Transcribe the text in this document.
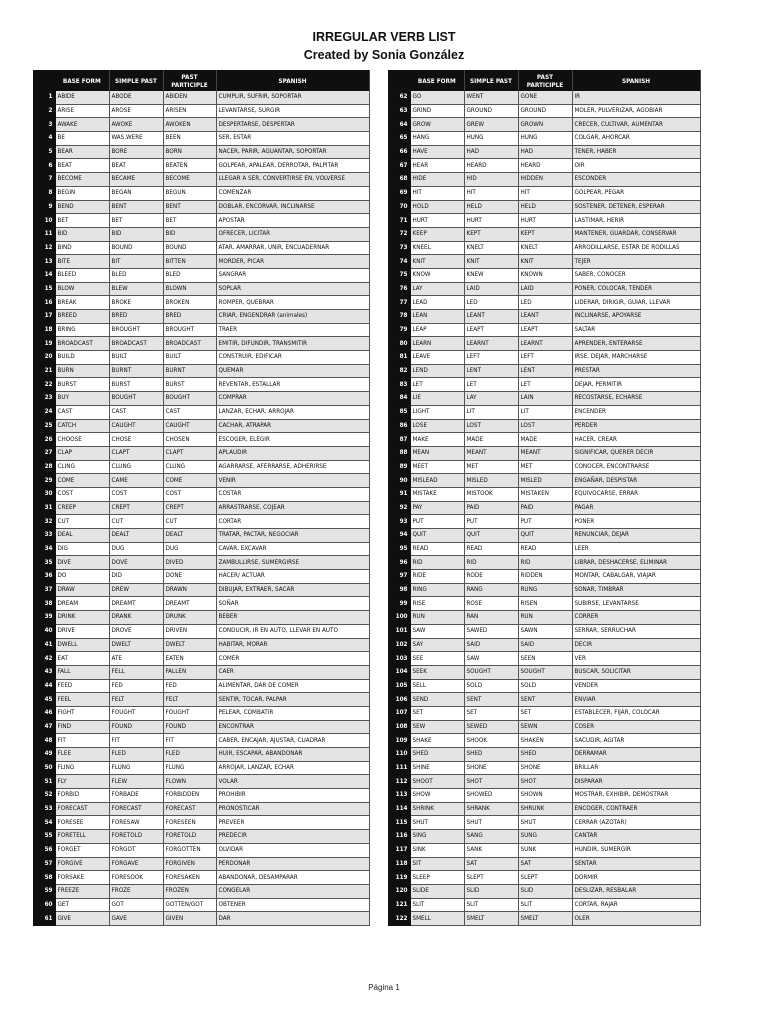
IRREGULAR VERB LIST
Created by Sonia González
	BASE FORM	SIMPLE PAST	PAST
PARTICIPLE	SPANISH
1	ABIDE	ABODE	ABIDEN	CUMPLIR, SUFRIR, SOPORTAR
2	ARISE	AROSE	ARISEN	LEVANTARSE, SURGIR
3	AWAKE	AWOKE	AWOKEN	DESPERTARSE, DESPERTAR
4	BE	WAS,WERE	BEEN	SER, ESTAR
5	BEAR	BORE	BORN	NACER, PARIR, AGUANTAR, SOPORTAR
6	BEAT	BEAT	BEATEN	GOLPEAR, APALEAR, DERROTAR, PALPITAR
7	BECOME	BECAME	BECOME	LLEGAR A SER, CONVERTIRSE EN, VOLVERSE
8	BEGIN	BEGAN	BEGUN	COMENZAR
9	BEND	BENT	BENT	DOBLAR, ENCORVAR, INCLINARSE
10	BET	BET	BET	APOSTAR
11	BID	BID	BID	OFRECER, LICITAR
12	BIND	BOUND	BOUND	ATAR, AMARRAR, UNIR, ENCUADERNAR
13	BITE	BIT	BITTEN	MORDER, PICAR
14	BLEED	BLED	BLED	SANGRAR
15	BLOW	BLEW	BLOWN	SOPLAR
16	BREAK	BROKE	BROKEN	ROMPER, QUEBRAR
17	BREED	BRED	BRED	CRIAR, ENGENDRAR (animales)
18	BRING	BROUGHT	BROUGHT	TRAER
19	BROADCAST	BROADCAST	BROADCAST	EMITIR, DIFUNDIR, TRANSMITIR
20	BUILD	BUILT	BUILT	CONSTRUIR, EDIFICAR
21	BURN	BURNT	BURNT	QUEMAR
22	BURST	BURST	BURST	REVENTAR, ESTALLAR
23	BUY	BOUGHT	BOUGHT	COMPRAR
24	CAST	CAST	CAST	LANZAR, ECHAR, ARROJAR
25	CATCH	CAUGHT	CAUGHT	CACHAR, ATRAPAR
26	CHOOSE	CHOSE	CHOSEN	ESCOGER, ELEGIR
27	CLAP	CLAPT	CLAPT	APLAUDIR
28	CLING	CLUNG	CLUNG	AGARRARSE, AFERRARSE, ADHERIRSE
29	COME	CAME	COME	VENIR
30	COST	COST	COST	COSTAR
31	CREEP	CREPT	CREPT	ARRASTRARSE, COJEAR
32	CUT	CUT	CUT	CORTAR
33	DEAL	DEALT	DEALT	TRATAR, PACTAR, NEGOCIAR
34	DIG	DUG	DUG	CAVAR, EXCAVAR
35	DIVE	DOVE	DIVED	ZAMBULLIRSE, SUMERGIRSE
36	DO	DID	DONE	HACER/ ACTUAR
37	DRAW	DREW	DRAWN	DIBUJAR, EXTRAER, SACAR
38	DREAM	DREAMT	DREAMT	SOÑAR
39	DRINK	DRANK	DRUNK	BEBER
40	DRIVE	DROVE	DRIVEN	CONDUCIR, IR EN AUTO, LLEVAR EN AUTO
41	DWELL	DWELT	DWELT	HABITAR, MORAR
42	EAT	ATE	EATEN	COMER
43	FALL	FELL	FALLEN	CAER
44	FEED	FED	FED	ALIMENTAR, DAR DE COMER
45	FEEL	FELT	FELT	SENTIR, TOCAR, PALPAR
46	FIGHT	FOUGHT	FOUGHT	PELEAR, COMBATIR
47	FIND	FOUND	FOUND	ENCONTRAR
48	FIT	FIT	FIT	CABER, ENCAJAR, AJUSTAR, CUADRAR
49	FLEE	FLED	FLED	HUIR, ESCAPAR, ABANDONAR
50	FLING	FLUNG	FLUNG	ARROJAR, LANZAR, ECHAR
51	FLY	FLEW	FLOWN	VOLAR
52	FORBID	FORBADE	FORBIDDEN	PROHIBIR
53	FORECAST	FORECAST	FORECAST	PRONOSTICAR
54	FORESEE	FORESAW	FORESEEN	PREVEER
55	FORETELL	FORETOLD	FORETOLD	PREDECIR
56	FORGET	FORGOT	FORGOTTEN	OLVIDAR
57	FORGIVE	FORGAVE	FORGIVEN	PERDONAR
58	FORSAKE	FORESOOK	FORESAKEN	ABANDONAR, DESAMPARAR
59	FREEZE	FROZE	FROZEN	CONGELAR
60	GET	GOT	GOTTEN/GOT	OBTENER
61	GIVE	GAVE	GIVEN	DAR
	BASE FORM	SIMPLE PAST	PAST
PARTICIPLE	SPANISH
62	GO	WENT	GONE	IR
63	GRIND	GROUND	GROUND	MOLER, PULVERIZAR, AGOBIAR
64	GROW	GREW	GROWN	CRECER, CULTIVAR, AUMENTAR
65	HANG	HUNG	HUNG	COLGAR, AHORCAR
66	HAVE	HAD	HAD	TENER, HABER
67	HEAR	HEARD	HEARD	OIR
68	HIDE	HID	HIDDEN	ESCONDER
69	HIT	HIT	HIT	GOLPEAR, PEGAR
70	HOLD	HELD	HELD	SOSTENER, DETENER, ESPERAR
71	HURT	HURT	HURT	LASTIMAR, HERIR
72	KEEP	KEPT	KEPT	MANTENER, GUARDAR, CONSERVAR
73	KNEEL	KNELT	KNELT	ARRODILLARSE, ESTAR DE RODILLAS
74	KNIT	KNIT	KNIT	TEJER
75	KNOW	KNEW	KNOWN	SABER, CONOCER
76	LAY	LAID	LAID	PONER, COLOCAR, TENDER
77	LEAD	LED	LED	LIDERAR, DIRIGIR, GUIAR, LLEVAR
78	LEAN	LEANT	LEANT	INCLINARSE, APOYARSE
79	LEAP	LEAPT	LEAPT	SALTAR
80	LEARN	LEARNT	LEARNT	APRENDER, ENTERARSE
81	LEAVE	LEFT	LEFT	IRSE, DEJAR, MARCHARSE
82	LEND	LENT	LENT	PRESTAR
83	LET	LET	LET	DEJAR, PERMITIR
84	LIE	LAY	LAIN	RECOSTARSE, ECHARSE
85	LIGHT	LIT	LIT	ENCENDER
86	LOSE	LOST	LOST	PERDER
87	MAKE	MADE	MADE	HACER, CREAR
88	MEAN	MEANT	MEANT	SIGNIFICAR, QUERER DECIR
89	MEET	MET	MET	CONOCER, ENCONTRARSE
90	MISLEAD	MISLED	MISLED	ENGAÑAR, DESPISTAR
91	MISTAKE	MISTOOK	MISTAKEN	EQUIVOCARSE, ERRAR
92	PAY	PAID	PAID	PAGAR
93	PUT	PUT	PUT	PONER
94	QUIT	QUIT	QUIT	RENUNCIAR, DEJAR
95	READ	READ	READ	LEER
96	RID	RID	RID	LIBRAR, DESHACERSE, ELIMINAR
97	RIDE	RODE	RIDDEN	MONTAR, CABALGAR, VIAJAR
98	RING	RANG	RUNG	SONAR, TIMBRAR
99	RISE	ROSE	RISEN	SUBIRSE, LEVANTARSE
100	RUN	RAN	RUN	CORRER
101	SAW	SAWED	SAWN	SERRAR, SERRUCHAR
102	SAY	SAID	SAID	DECIR
103	SEE	SAW	SEEN	VER
104	SEEK	SOUGHT	SOUGHT	BUSCAR, SOLICITAR
105	SELL	SOLD	SOLD	VENDER
106	SEND	SENT	SENT	ENVIAR
107	SET	SET	SET	ESTABLECER, FIJAR, COLOCAR
108	SEW	SEWED	SEWN	COSER
109	SHAKE	SHOOK	SHAKEN	SACUDIR, AGITAR
110	SHED	SHED	SHED	DERRAMAR
111	SHINE	SHONE	SHONE	BRILLAR
112	SHOOT	SHOT	SHOT	DISPARAR
113	SHOW	SHOWED	SHOWN	MOSTRAR, EXHIBIR, DEMOSTRAR
114	SHRINK	SHRANK	SHRUNK	ENCOGER, CONTRAER
115	SHUT	SHUT	SHUT	CERRAR (AZOTAR)
116	SING	SANG	SUNG	CANTAR
117	SINK	SANK	SUNK	HUNDIR, SUMERGIR
118	SIT	SAT	SAT	SENTAR
119	SLEEP	SLEPT	SLEPT	DORMIR
120	SLIDE	SLID	SLID	DESLIZAR, RESBALAR
121	SLIT	SLIT	SLIT	CORTAR, RAJAR
122	SMELL	SMELT	SMELT	OLER
Página 1
